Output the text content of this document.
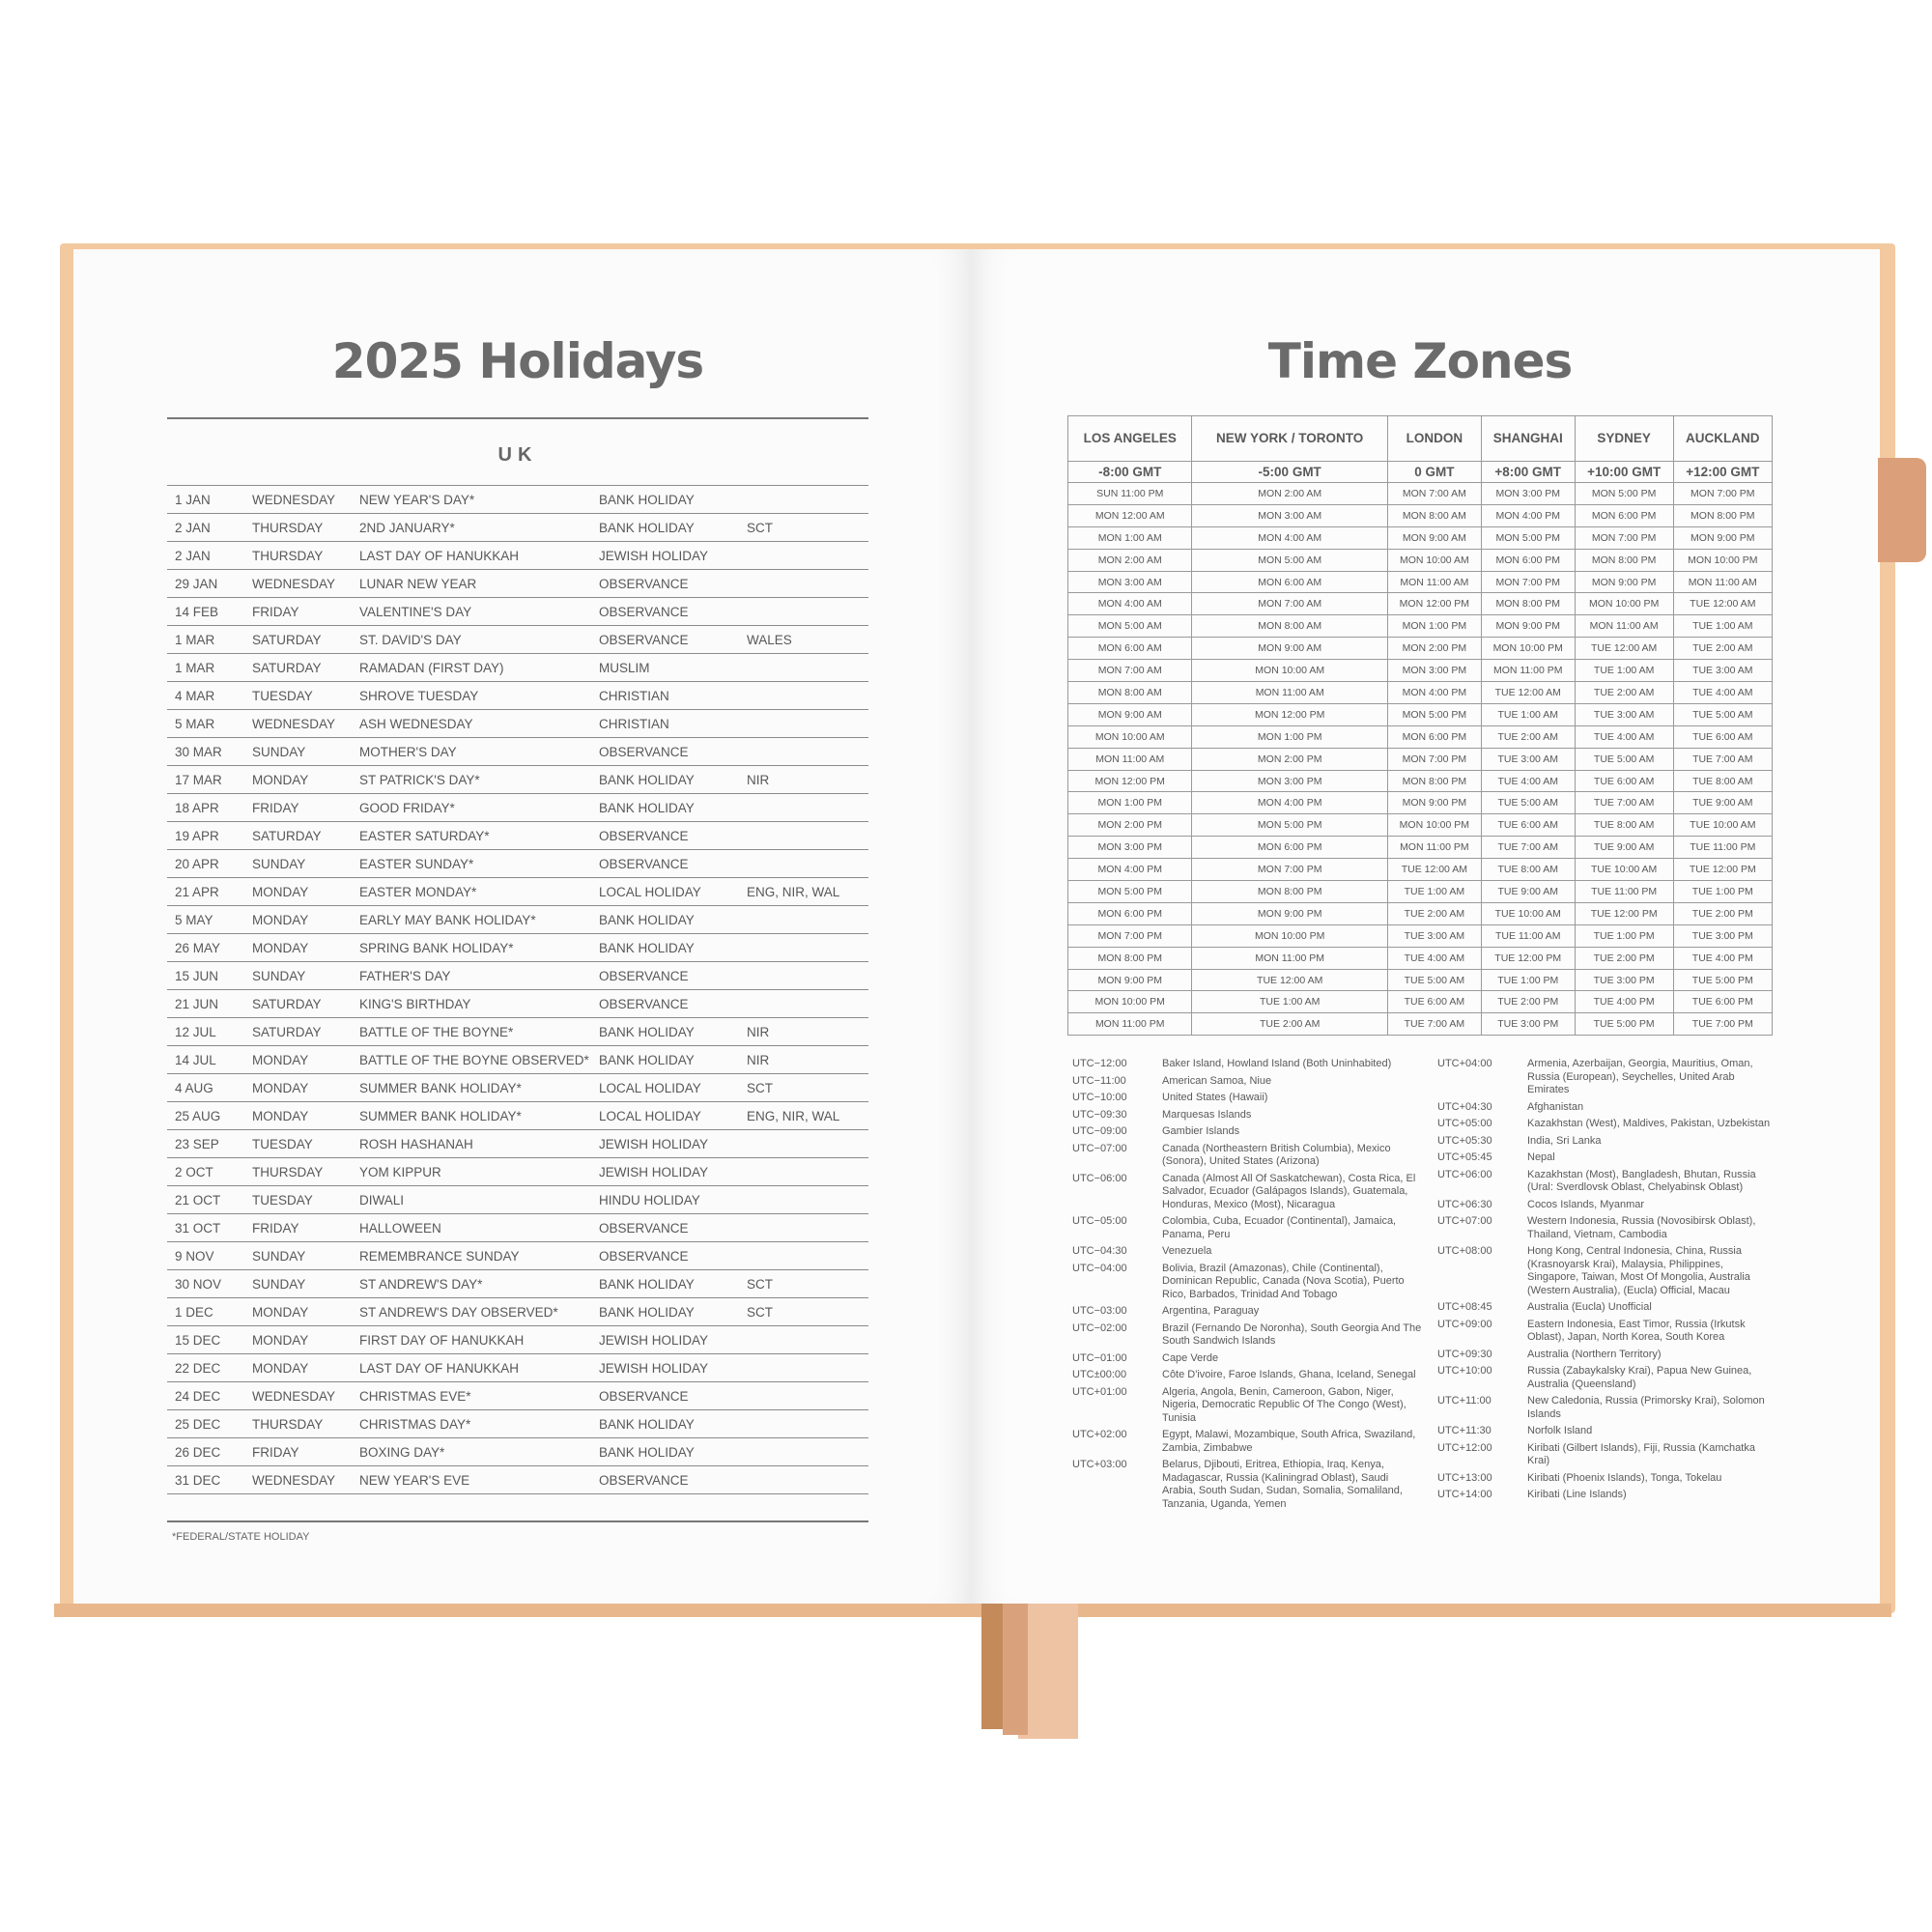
2025 Holidays
UK
1 JAN	WEDNESDAY	NEW YEAR'S DAY*	BANK HOLIDAY	
2 JAN	THURSDAY	2ND JANUARY*	BANK HOLIDAY	SCT
2 JAN	THURSDAY	LAST DAY OF HANUKKAH	JEWISH HOLIDAY	
29 JAN	WEDNESDAY	LUNAR NEW YEAR	OBSERVANCE	
14 FEB	FRIDAY	VALENTINE'S DAY	OBSERVANCE	
1 MAR	SATURDAY	ST. DAVID'S DAY	OBSERVANCE	WALES
1 MAR	SATURDAY	RAMADAN (FIRST DAY)	MUSLIM	
4 MAR	TUESDAY	SHROVE TUESDAY	CHRISTIAN	
5 MAR	WEDNESDAY	ASH WEDNESDAY	CHRISTIAN	
30 MAR	SUNDAY	MOTHER'S DAY	OBSERVANCE	
17 MAR	MONDAY	ST PATRICK'S DAY*	BANK HOLIDAY	NIR
18 APR	FRIDAY	GOOD FRIDAY*	BANK HOLIDAY	
19 APR	SATURDAY	EASTER SATURDAY*	OBSERVANCE	
20 APR	SUNDAY	EASTER SUNDAY*	OBSERVANCE	
21 APR	MONDAY	EASTER MONDAY*	LOCAL HOLIDAY	ENG, NIR, WAL
5 MAY	MONDAY	EARLY MAY BANK HOLIDAY*	BANK HOLIDAY	
26 MAY	MONDAY	SPRING BANK HOLIDAY*	BANK HOLIDAY	
15 JUN	SUNDAY	FATHER'S DAY	OBSERVANCE	
21 JUN	SATURDAY	KING'S BIRTHDAY	OBSERVANCE	
12 JUL	SATURDAY	BATTLE OF THE BOYNE*	BANK HOLIDAY	NIR
14 JUL	MONDAY	BATTLE OF THE BOYNE OBSERVED*	BANK HOLIDAY	NIR
4 AUG	MONDAY	SUMMER BANK HOLIDAY*	LOCAL HOLIDAY	SCT
25 AUG	MONDAY	SUMMER BANK HOLIDAY*	LOCAL HOLIDAY	ENG, NIR, WAL
23 SEP	TUESDAY	ROSH HASHANAH	JEWISH HOLIDAY	
2 OCT	THURSDAY	YOM KIPPUR	JEWISH HOLIDAY	
21 OCT	TUESDAY	DIWALI	HINDU HOLIDAY	
31 OCT	FRIDAY	HALLOWEEN	OBSERVANCE	
9 NOV	SUNDAY	REMEMBRANCE SUNDAY	OBSERVANCE	
30 NOV	SUNDAY	ST ANDREW'S DAY*	BANK HOLIDAY	SCT
1 DEC	MONDAY	ST ANDREW'S DAY OBSERVED*	BANK HOLIDAY	SCT
15 DEC	MONDAY	FIRST DAY OF HANUKKAH	JEWISH HOLIDAY	
22 DEC	MONDAY	LAST DAY OF HANUKKAH	JEWISH HOLIDAY	
24 DEC	WEDNESDAY	CHRISTMAS EVE*	OBSERVANCE	
25 DEC	THURSDAY	CHRISTMAS DAY*	BANK HOLIDAY	
26 DEC	FRIDAY	BOXING DAY*	BANK HOLIDAY	
31 DEC	WEDNESDAY	NEW YEAR'S EVE	OBSERVANCE	
*FEDERAL/STATE HOLIDAY
Time Zones
LOS ANGELES	NEW YORK / TORONTO	LONDON	SHANGHAI	SYDNEY	AUCKLAND
-8:00 GMT	-5:00 GMT	0 GMT	+8:00 GMT	+10:00 GMT	+12:00 GMT
SUN 11:00 PM	MON 2:00 AM	MON 7:00 AM	MON 3:00 PM	MON 5:00 PM	MON 7:00 PM
MON 12:00 AM	MON 3:00 AM	MON 8:00 AM	MON 4:00 PM	MON 6:00 PM	MON 8:00 PM
MON 1:00 AM	MON 4:00 AM	MON 9:00 AM	MON 5:00 PM	MON 7:00 PM	MON 9:00 PM
MON 2:00 AM	MON 5:00 AM	MON 10:00 AM	MON 6:00 PM	MON 8:00 PM	MON 10:00 PM
MON 3:00 AM	MON 6:00 AM	MON 11:00 AM	MON 7:00 PM	MON 9:00 PM	MON 11:00 AM
MON 4:00 AM	MON 7:00 AM	MON 12:00 PM	MON 8:00 PM	MON 10:00 PM	TUE 12:00 AM
MON 5:00 AM	MON 8:00 AM	MON 1:00 PM	MON 9:00 PM	MON 11:00 AM	TUE 1:00 AM
MON 6:00 AM	MON 9:00 AM	MON 2:00 PM	MON 10:00 PM	TUE 12:00 AM	TUE 2:00 AM
MON 7:00 AM	MON 10:00 AM	MON 3:00 PM	MON 11:00 PM	TUE 1:00 AM	TUE 3:00 AM
MON 8:00 AM	MON 11:00 AM	MON 4:00 PM	TUE 12:00 AM	TUE 2:00 AM	TUE 4:00 AM
MON 9:00 AM	MON 12:00 PM	MON 5:00 PM	TUE 1:00 AM	TUE 3:00 AM	TUE 5:00 AM
MON 10:00 AM	MON 1:00 PM	MON 6:00 PM	TUE 2:00 AM	TUE 4:00 AM	TUE 6:00 AM
MON 11:00 AM	MON 2:00 PM	MON 7:00 PM	TUE 3:00 AM	TUE 5:00 AM	TUE 7:00 AM
MON 12:00 PM	MON 3:00 PM	MON 8:00 PM	TUE 4:00 AM	TUE 6:00 AM	TUE 8:00 AM
MON 1:00 PM	MON 4:00 PM	MON 9:00 PM	TUE 5:00 AM	TUE 7:00 AM	TUE 9:00 AM
MON 2:00 PM	MON 5:00 PM	MON 10:00 PM	TUE 6:00 AM	TUE 8:00 AM	TUE 10:00 AM
MON 3:00 PM	MON 6:00 PM	MON 11:00 PM	TUE 7:00 AM	TUE 9:00 AM	TUE 11:00 PM
MON 4:00 PM	MON 7:00 PM	TUE 12:00 AM	TUE 8:00 AM	TUE 10:00 AM	TUE 12:00 PM
MON 5:00 PM	MON 8:00 PM	TUE 1:00 AM	TUE 9:00 AM	TUE 11:00 PM	TUE 1:00 PM
MON 6:00 PM	MON 9:00 PM	TUE 2:00 AM	TUE 10:00 AM	TUE 12:00 PM	TUE 2:00 PM
MON 7:00 PM	MON 10:00 PM	TUE 3:00 AM	TUE 11:00 AM	TUE 1:00 PM	TUE 3:00 PM
MON 8:00 PM	MON 11:00 PM	TUE 4:00 AM	TUE 12:00 PM	TUE 2:00 PM	TUE 4:00 PM
MON 9:00 PM	TUE 12:00 AM	TUE 5:00 AM	TUE 1:00 PM	TUE 3:00 PM	TUE 5:00 PM
MON 10:00 PM	TUE 1:00 AM	TUE 6:00 AM	TUE 2:00 PM	TUE 4:00 PM	TUE 6:00 PM
MON 11:00 PM	TUE 2:00 AM	TUE 7:00 AM	TUE 3:00 PM	TUE 5:00 PM	TUE 7:00 PM
UTC−12:00	Baker Island, Howland Island (Both Uninhabited)
UTC−11:00	American Samoa, Niue
UTC−10:00	United States (Hawaii)
UTC−09:30	Marquesas Islands
UTC−09:00	Gambier Islands
UTC−07:00	Canada (Northeastern British Columbia), Mexico (Sonora), United States (Arizona)
UTC−06:00	Canada (Almost All Of Saskatchewan), Costa Rica, El Salvador, Ecuador (Galápagos Islands), Guatemala, Honduras, Mexico (Most), Nicaragua
UTC−05:00	Colombia, Cuba, Ecuador (Continental), Jamaica, Panama, Peru
UTC−04:30	Venezuela
UTC−04:00	Bolivia, Brazil (Amazonas), Chile (Continental), Dominican Republic, Canada (Nova Scotia), Puerto Rico, Barbados, Trinidad And Tobago
UTC−03:00	Argentina, Paraguay
UTC−02:00	Brazil (Fernando De Noronha), South Georgia And The South Sandwich Islands
UTC−01:00	Cape Verde
UTC±00:00	Côte D'ivoire, Faroe Islands, Ghana, Iceland, Senegal
UTC+01:00	Algeria, Angola, Benin, Cameroon, Gabon, Niger, Nigeria, Democratic Republic Of The Congo (West), Tunisia
UTC+02:00	Egypt, Malawi, Mozambique, South Africa, Swaziland, Zambia, Zimbabwe
UTC+03:00	Belarus, Djibouti, Eritrea, Ethiopia, Iraq, Kenya, Madagascar, Russia (Kaliningrad Oblast), Saudi Arabia, South Sudan, Sudan, Somalia, Somaliland, Tanzania, Uganda, Yemen
UTC+04:00	Armenia, Azerbaijan, Georgia, Mauritius, Oman, Russia (European), Seychelles, United Arab Emirates
UTC+04:30	Afghanistan
UTC+05:00	Kazakhstan (West), Maldives, Pakistan, Uzbekistan
UTC+05:30	India, Sri Lanka
UTC+05:45	Nepal
UTC+06:00	Kazakhstan (Most), Bangladesh, Bhutan, Russia (Ural: Sverdlovsk Oblast, Chelyabinsk Oblast)
UTC+06:30	Cocos Islands, Myanmar
UTC+07:00	Western Indonesia, Russia (Novosibirsk Oblast), Thailand, Vietnam, Cambodia
UTC+08:00	Hong Kong, Central Indonesia, China, Russia (Krasnoyarsk Krai), Malaysia, Philippines, Singapore, Taiwan, Most Of Mongolia, Australia (Western Australia), (Eucla) Official, Macau
UTC+08:45	Australia (Eucla) Unofficial
UTC+09:00	Eastern Indonesia, East Timor, Russia (Irkutsk Oblast), Japan, North Korea, South Korea
UTC+09:30	Australia (Northern Territory)
UTC+10:00	Russia (Zabaykalsky Krai), Papua New Guinea, Australia (Queensland)
UTC+11:00	New Caledonia, Russia (Primorsky Krai), Solomon Islands
UTC+11:30	Norfolk Island
UTC+12:00	Kiribati (Gilbert Islands), Fiji, Russia (Kamchatka Krai)
UTC+13:00	Kiribati (Phoenix Islands), Tonga, Tokelau
UTC+14:00	Kiribati (Line Islands)
